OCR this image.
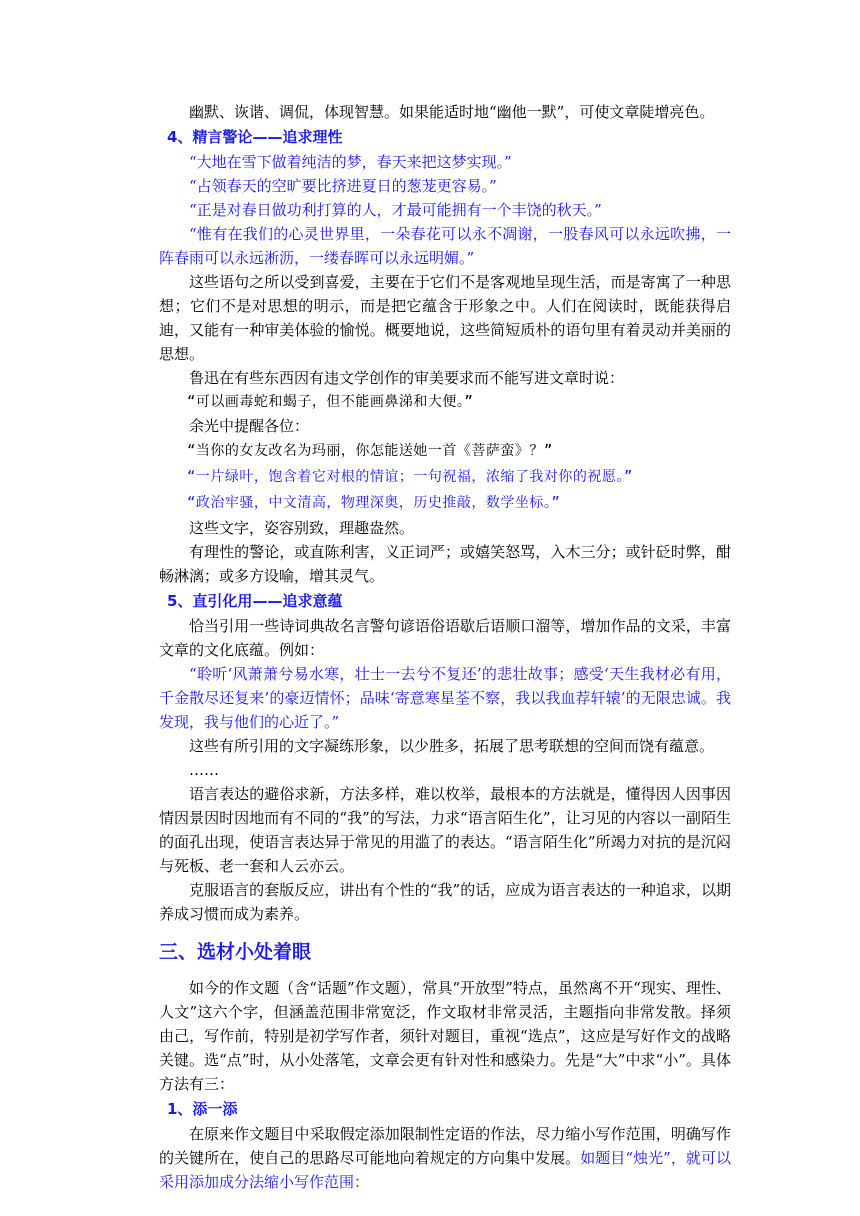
幽默、诙谐、调侃，体现智慧。如果能适时地“幽他一默”，可使文章陡增亮色。

4、精言警论——追求理性

“大地在雪下做着纯洁的梦，春天来把这梦实现。”

“占领春天的空旷要比挤进夏日的葱茏更容易。”

“正是对春日做功利打算的人，才最可能拥有一个丰饶的秋天。”

“惟有在我们的心灵世界里，一朵春花可以永不凋谢，一股春风可以永远吹拂，一阵春雨可以永远淅沥，一缕春晖可以永远明媚。”

这些语句之所以受到喜爱，主要在于它们不是客观地呈现生活，而是寄寓了一种思想；它们不是对思想的明示，而是把它蕴含于形象之中。人们在阅读时，既能获得启迪，又能有一种审美体验的愉悦。概要地说，这些简短质朴的语句里有着灵动并美丽的思想。

鲁迅在有些东西因有违文学创作的审美要求而不能写进文章时说：

“可以画毒蛇和蝎子，但不能画鼻涕和大便。”

余光中提醒各位：

“当你的女友改名为玛丽，你怎能送她一首《菩萨蛮》？”

“一片绿叶，饱含着它对根的情谊；一句祝福，浓缩了我对你的祝愿。”

“政治牢骚，中文清高，物理深奥，历史推敲，数学坐标。”

这些文字，姿容别致，理趣盎然。

有理性的警论，或直陈利害，义正词严；或嬉笑怒骂，入木三分；或针砭时弊，酣畅淋漓；或多方设喻，增其灵气。

5、直引化用——追求意蕴

恰当引用一些诗词典故名言警句谚语俗语歇后语顺口溜等，增加作品的文采，丰富文章的文化底蕴。例如：

“聆听‘风萧萧兮易水寒，壮士一去兮不复还’的悲壮故事；感受‘天生我材必有用，千金散尽还复来’的豪迈情怀；品味‘寄意寒星荃不察，我以我血荐轩辕’的无限忠诚。我发现，我与他们的心近了。”

这些有所引用的文字凝练形象，以少胜多，拓展了思考联想的空间而饶有蕴意。

……

语言表达的避俗求新，方法多样，难以枚举，最根本的方法就是，懂得因人因事因情因景因时因地而有不同的“我”的写法，力求“语言陌生化”，让习见的内容以一副陌生的面孔出现，使语言表达异于常见的用滥了的表达。“语言陌生化”所竭力对抗的是沉闷与死板、老一套和人云亦云。

克服语言的套版反应，讲出有个性的“我”的话，应成为语言表达的一种追求，以期养成习惯而成为素养。

三、选材小处着眼

如今的作文题（含“话题”作文题），常具“开放型”特点，虽然离不开“现实、理性、人文”这六个字，但涵盖范围非常宽泛，作文取材非常灵活，主题指向非常发散。择须由己，写作前，特别是初学写作者，须针对题目，重视“选点”，这应是写好作文的战略关键。选“点”时，从小处落笔，文章会更有针对性和感染力。先是“大”中求“小”。具体方法有三：

1、添一添

在原来作文题目中采取假定添加限制性定语的作法，尽力缩小写作范围，明确写作的关键所在，使自己的思路尽可能地向着规定的方向集中发展。如题目“烛光”，就可以采用添加成分法缩小写作范围：
